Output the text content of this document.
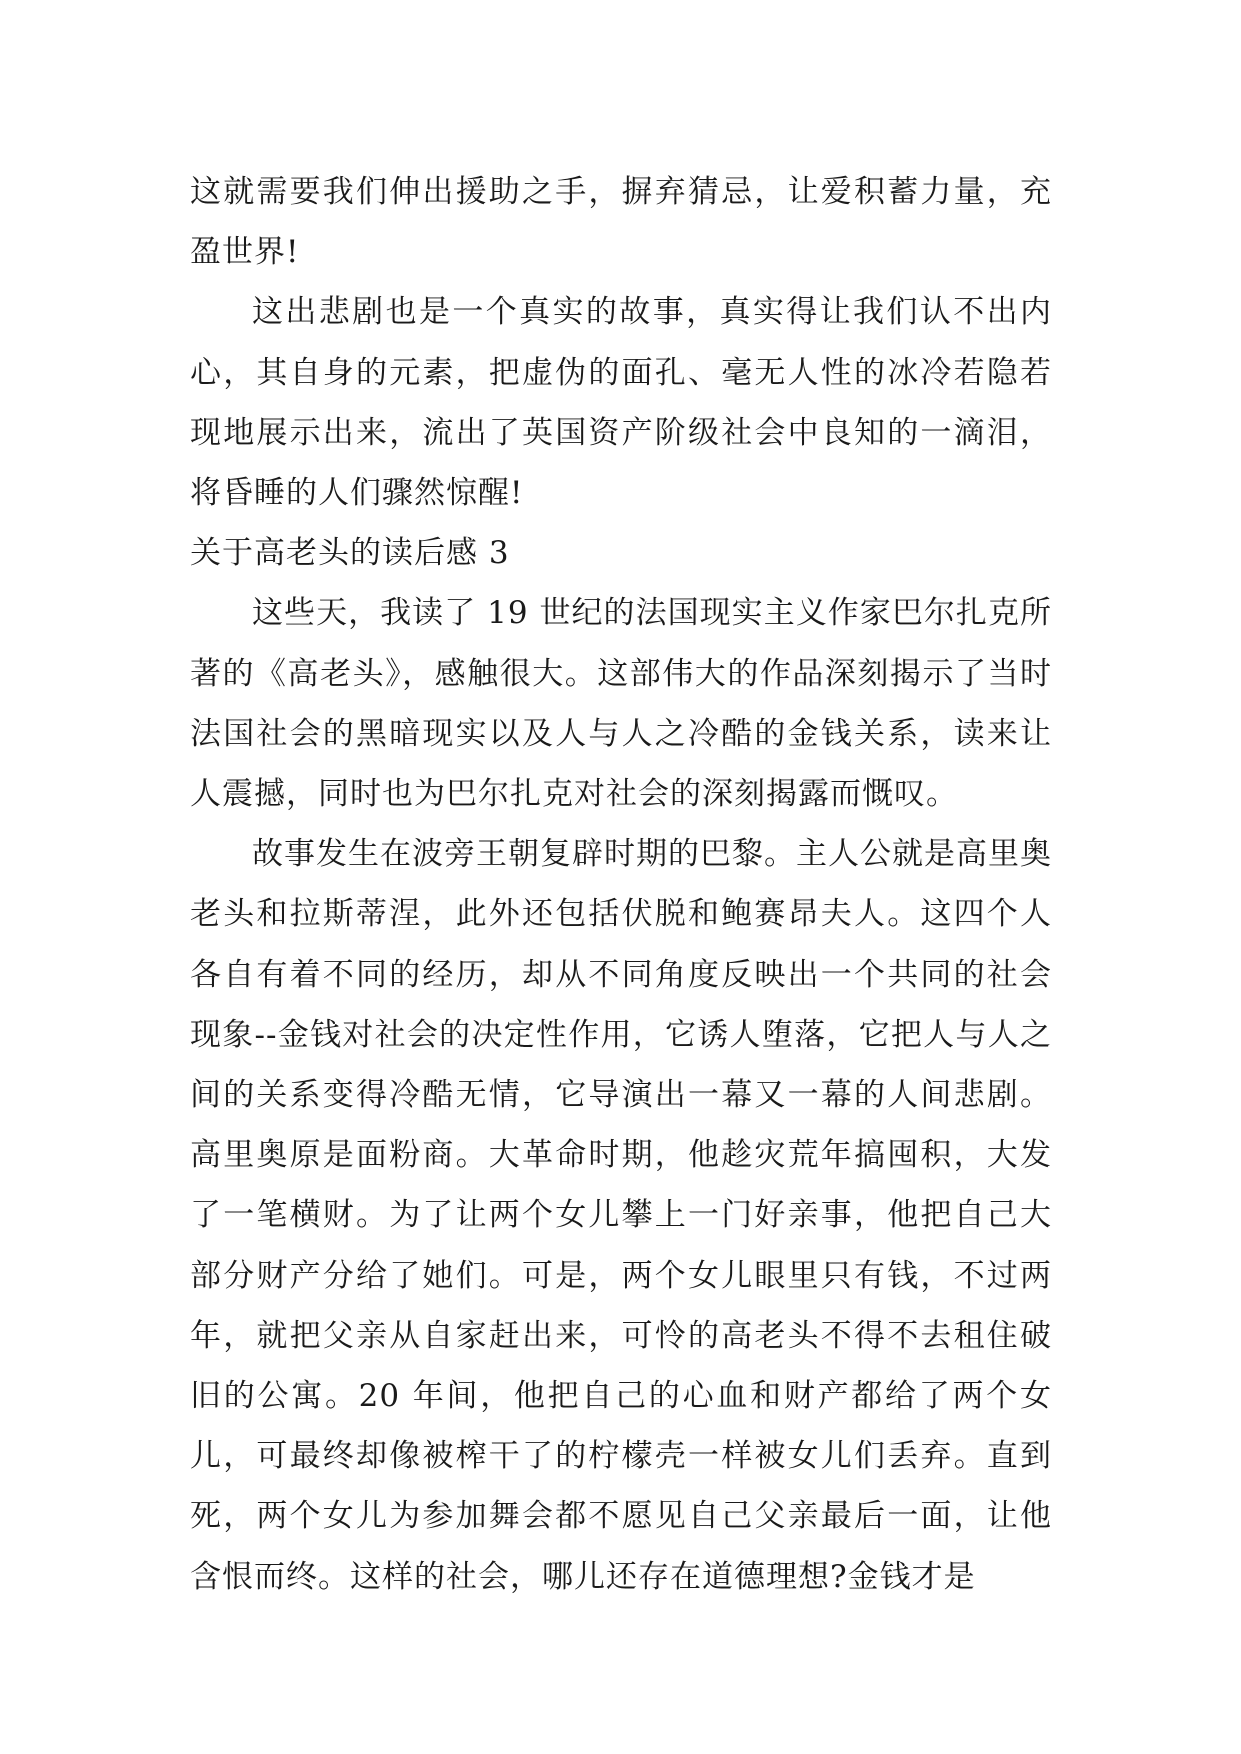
这就需要我们伸出援助之手，摒弃猜忌，让爱积蓄力量，充盈世界!

这出悲剧也是一个真实的故事，真实得让我们认不出内心，其自身的元素，把虚伪的面孔、毫无人性的冰冷若隐若现地展示出来，流出了英国资产阶级社会中良知的一滴泪，将昏睡的人们骤然惊醒!

关于高老头的读后感 3

这些天，我读了 19 世纪的法国现实主义作家巴尔扎克所著的《高老头》，感触很大。这部伟大的作品深刻揭示了当时法国社会的黑暗现实以及人与人之冷酷的金钱关系，读来让人震撼，同时也为巴尔扎克对社会的深刻揭露而慨叹。

故事发生在波旁王朝复辟时期的巴黎。主人公就是高里奥老头和拉斯蒂涅，此外还包括伏脱和鲍赛昂夫人。这四个人各自有着不同的经历，却从不同角度反映出一个共同的社会现象--金钱对社会的决定性作用，它诱人堕落，它把人与人之间的关系变得冷酷无情，它导演出一幕又一幕的人间悲剧。高里奥原是面粉商。大革命时期，他趁灾荒年搞囤积，大发了一笔横财。为了让两个女儿攀上一门好亲事，他把自己大部分财产分给了她们。可是，两个女儿眼里只有钱，不过两年，就把父亲从自家赶出来，可怜的高老头不得不去租住破旧的公寓。20 年间，他把自己的心血和财产都给了两个女儿，可最终却像被榨干了的柠檬壳一样被女儿们丢弃。直到死，两个女儿为参加舞会都不愿见自己父亲最后一面，让他含恨而终。这样的社会，哪儿还存在道德理想?金钱才是
